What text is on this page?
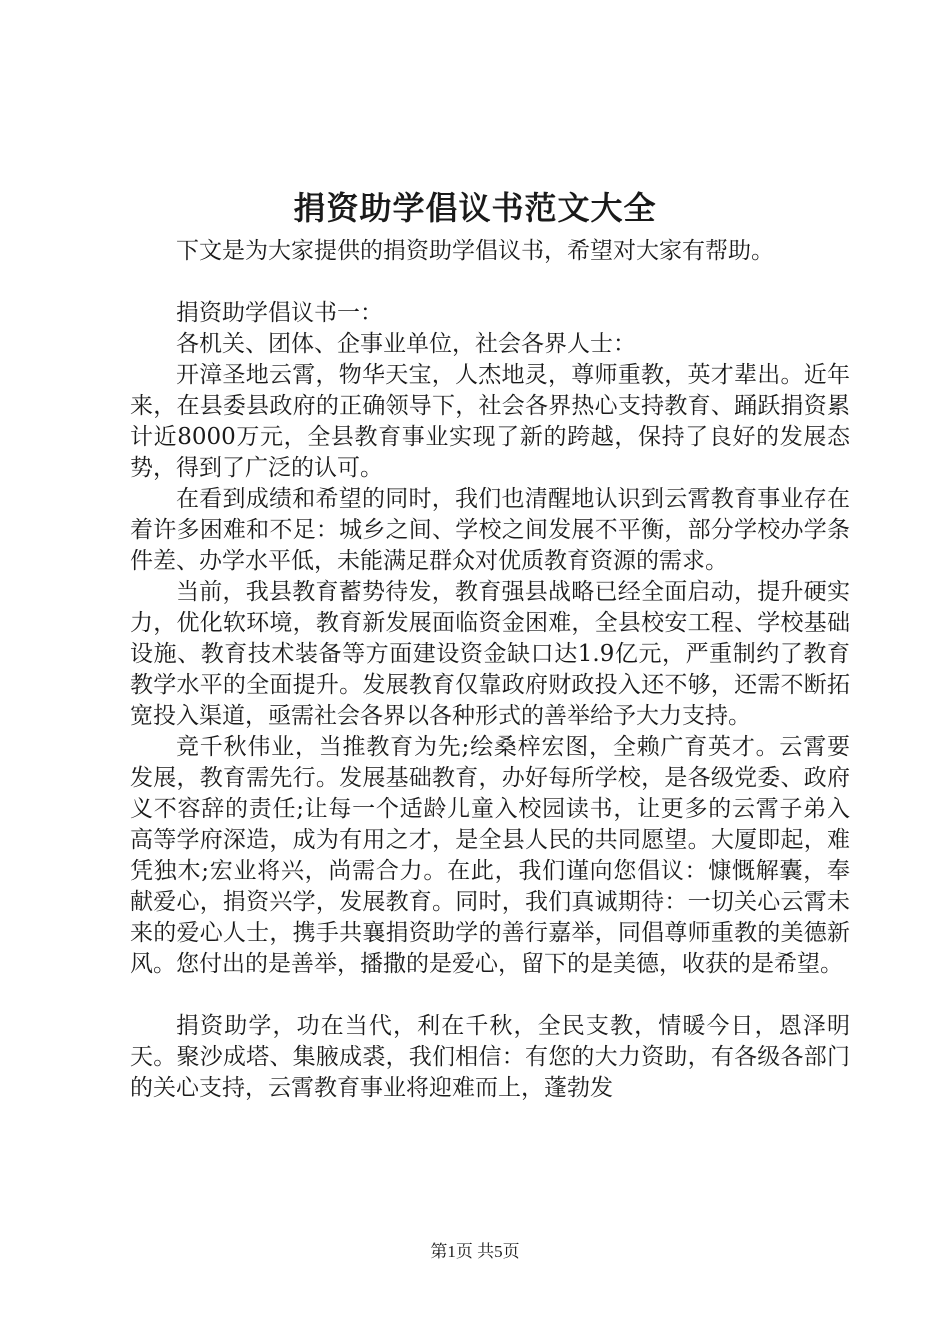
捐资助学倡议书范文大全

下文是为大家提供的捐资助学倡议书，希望对大家有帮助。

捐资助学倡议书一：

各机关、团体、企事业单位，社会各界人士：

开漳圣地云霄，物华天宝，人杰地灵，尊师重教，英才辈出。近年来，在县委县政府的正确领导下，社会各界热心支持教育、踊跃捐资累计近8000万元，全县教育事业实现了新的跨越，保持了良好的发展态势，得到了广泛的认可。

在看到成绩和希望的同时，我们也清醒地认识到云霄教育事业存在着许多困难和不足：城乡之间、学校之间发展不平衡，部分学校办学条件差、办学水平低，未能满足群众对优质教育资源的需求。

当前，我县教育蓄势待发，教育强县战略已经全面启动，提升硬实力，优化软环境，教育新发展面临资金困难，全县校安工程、学校基础设施、教育技术装备等方面建设资金缺口达1.9亿元，严重制约了教育教学水平的全面提升。发展教育仅靠政府财政投入还不够，还需不断拓宽投入渠道，亟需社会各界以各种形式的善举给予大力支持。

竞千秋伟业，当推教育为先;绘桑梓宏图，全赖广育英才。云霄要发展，教育需先行。发展基础教育，办好每所学校，是各级党委、政府义不容辞的责任;让每一个适龄儿童入校园读书，让更多的云霄子弟入高等学府深造，成为有用之才，是全县人民的共同愿望。大厦即起，难凭独木;宏业将兴，尚需合力。在此，我们谨向您倡议：慷慨解囊，奉献爱心，捐资兴学，发展教育。同时，我们真诚期待：一切关心云霄未来的爱心人士，携手共襄捐资助学的善行嘉举，同倡尊师重教的美德新风。您付出的是善举，播撒的是爱心，留下的是美德，收获的是希望。

捐资助学，功在当代，利在千秋，全民支教，情暖今日，恩泽明天。聚沙成塔、集腋成裘，我们相信：有您的大力资助，有各级各部门的关心支持，云霄教育事业将迎难而上，蓬勃发

第1页 共5页
